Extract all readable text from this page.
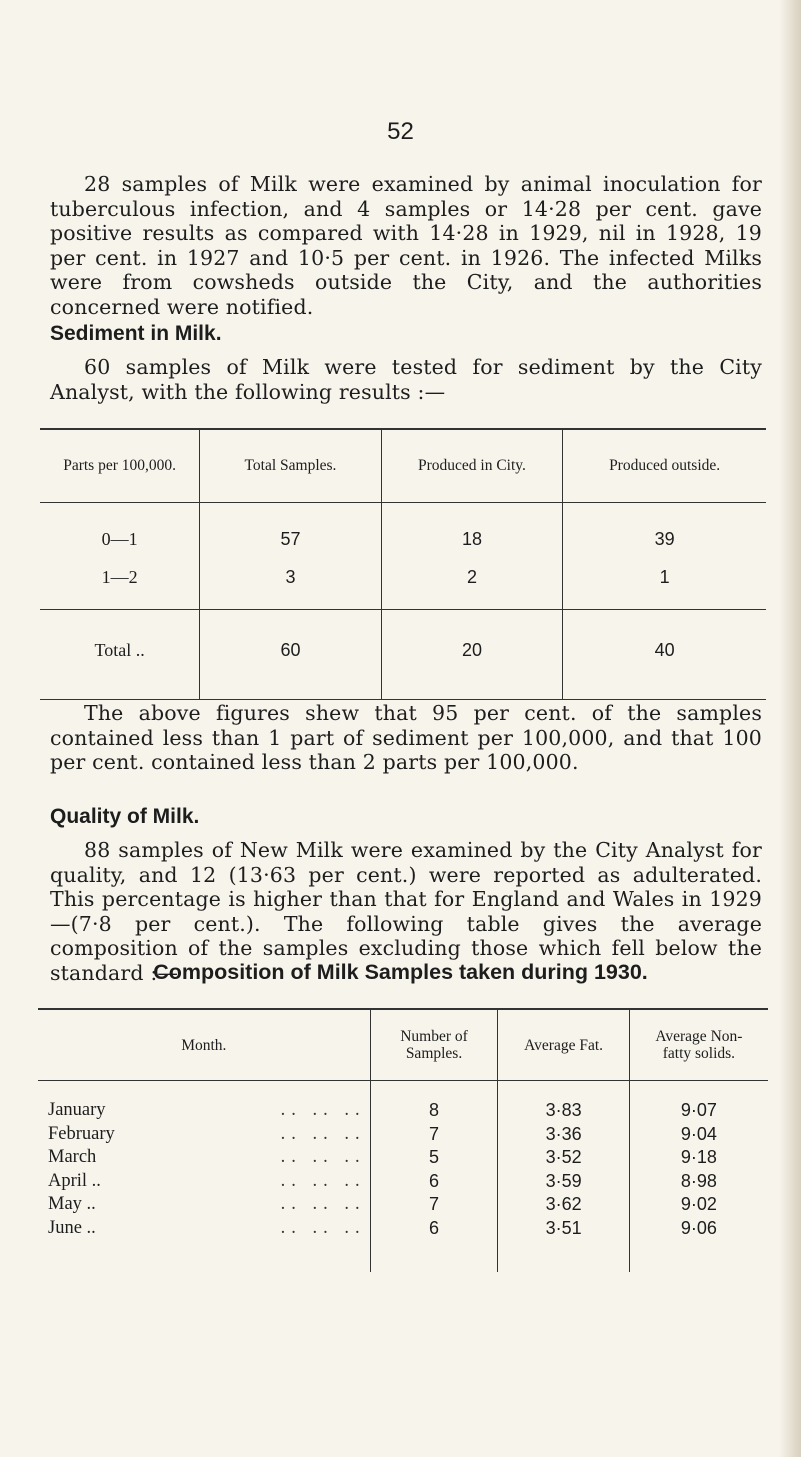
52

28 samples of Milk were examined by animal inoculation for tuberculous infection, and 4 samples or 14·28 per cent. gave positive results as compared with 14·28 in 1929, nil in 1928, 19 per cent. in 1927 and 10·5 per cent. in 1926. The infected Milks were from cowsheds outside the City, and the authorities concerned were notified.

Sediment in Milk.

60 samples of Milk were tested for sediment by the City Analyst, with the following results :—

Parts per 100,000.	Total Samples.	Produced in City.	Produced outside.
0—1	57	18	39
1—2	3	2	1
Total ..	60	20	40

The above figures shew that 95 per cent. of the samples contained less than 1 part of sediment per 100,000, and that 100 per cent. contained less than 2 parts per 100,000.

Quality of Milk.

88 samples of New Milk were examined by the City Analyst for quality, and 12 (13·63 per cent.) were reported as adulterated. This percentage is higher than that for England and Wales in 1929—(7·8 per cent.). The following table gives the average composition of the samples excluding those which fell below the standard :—

Composition of Milk Samples taken during 1930.
Month.	Number of Samples.	Average Fat.	Average Non-fatty solids.

January .. .. ..	8	3·83	9·07

February .. .. ..	7	3·36	9·04

March .. .. ..	5	3·52	9·18

April .. .. .. ..	6	3·59	8·98

May .. .. .. ..	7	3·62	9·02

June .. .. .. ..	6	3·51	9·06
